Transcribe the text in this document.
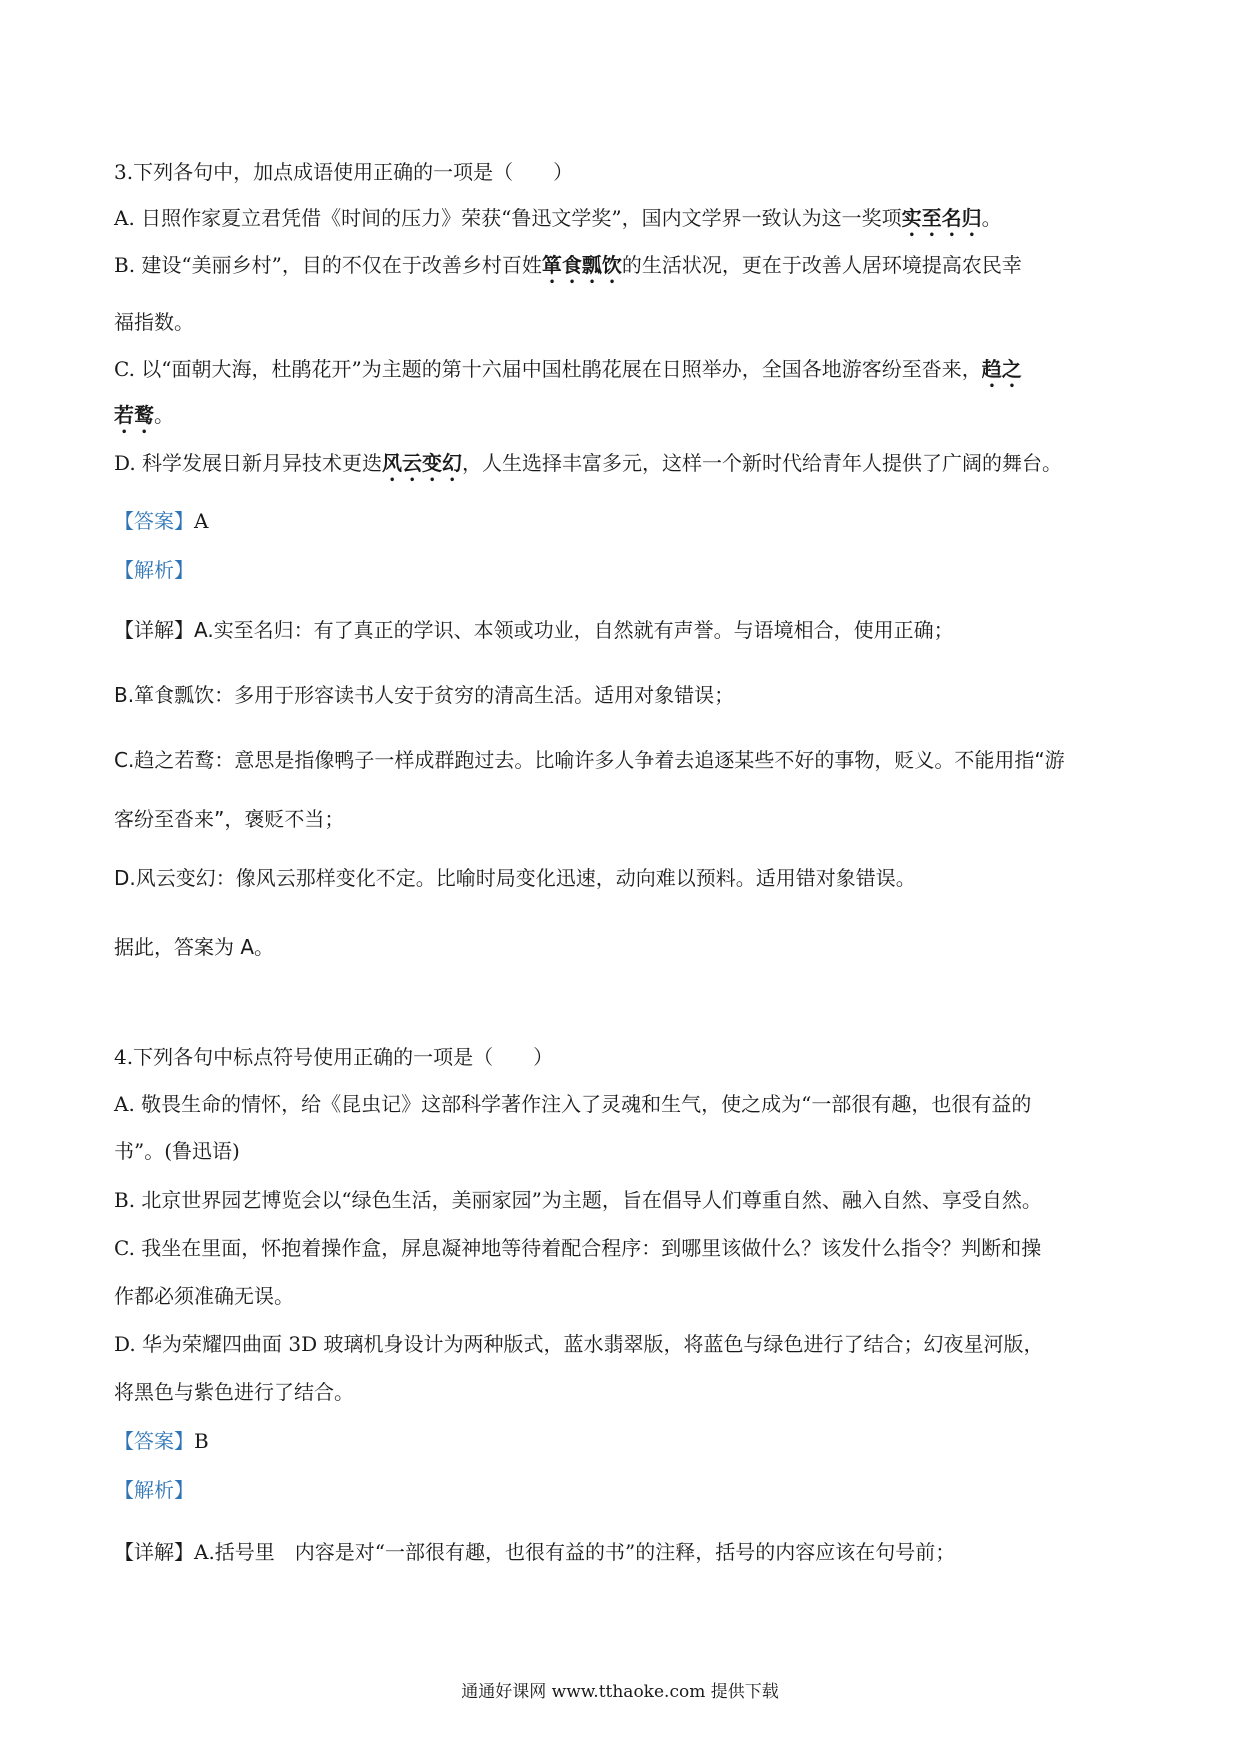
3.下列各句中，加点成语使用正确的一项是（　　）
A. 日照作家夏立君凭借《时间的压力》荣获“鲁迅文学奖”，国内文学界一致认为这一奖项实至名归。
B. 建设“美丽乡村”，目的不仅在于改善乡村百姓箪食瓢饮的生活状况，更在于改善人居环境提高农民幸
福指数。
C. 以“面朝大海，杜鹃花开”为主题的第十六届中国杜鹃花展在日照举办，全国各地游客纷至沓来，趋之
若鹜。
D. 科学发展日新月异技术更迭风云变幻，人生选择丰富多元，这样一个新时代给青年人提供了广阔的舞台。
【答案】A
【解析】
【详解】A.实至名归：有了真正的学识、本领或功业，自然就有声誉。与语境相合，使用正确；
B.箪食瓢饮：多用于形容读书人安于贫穷的清高生活。适用对象错误；
C.趋之若鹜：意思是指像鸭子一样成群跑过去。比喻许多人争着去追逐某些不好的事物，贬义。不能用指“游
客纷至沓来”，褒贬不当；
D.风云变幻：像风云那样变化不定。比喻时局变化迅速，动向难以预料。适用错对象错误。
据此，答案为 A。
4.下列各句中标点符号使用正确的一项是（　　）
A. 敬畏生命的情怀，给《昆虫记》这部科学著作注入了灵魂和生气，使之成为“一部很有趣，也很有益的
书”。(鲁迅语)
B. 北京世界园艺博览会以“绿色生活，美丽家园”为主题，旨在倡导人们尊重自然、融入自然、享受自然。
C. 我坐在里面，怀抱着操作盒，屏息凝神地等待着配合程序：到哪里该做什么？该发什么指令？判断和操
作都必须准确无误。
D. 华为荣耀四曲面 3D 玻璃机身设计为两种版式，蓝水翡翠版，将蓝色与绿色进行了结合；幻夜星河版，
将黑色与紫色进行了结合。
【答案】B
【解析】
【详解】A.括号里　内容是对“一部很有趣，也很有益的书”的注释，括号的内容应该在句号前；
通通好课网 www.tthaoke.com 提供下载
